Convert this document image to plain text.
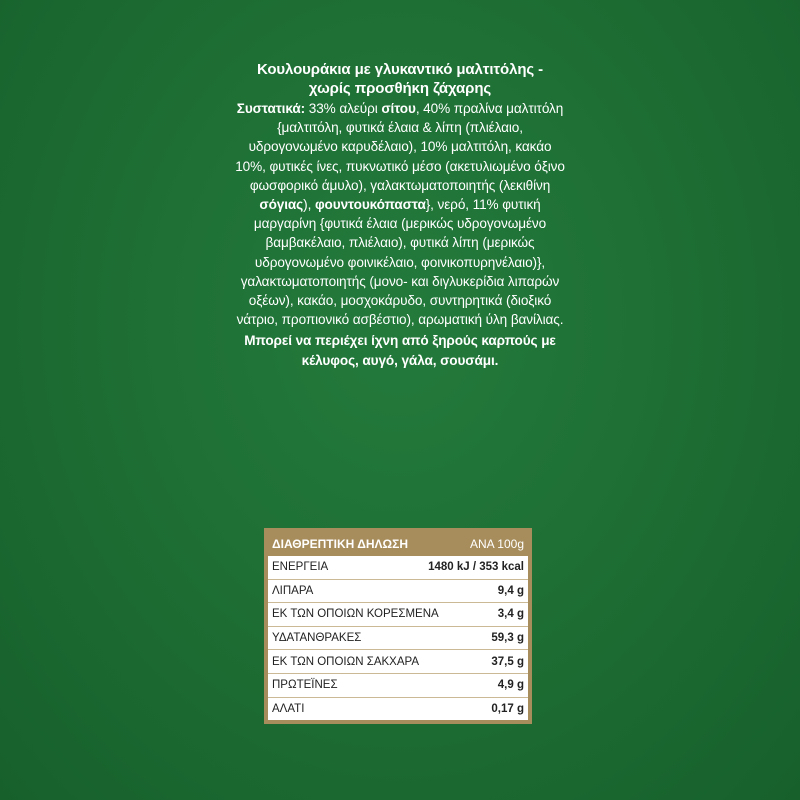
Κουλουράκια με γλυκαντικό μαλτιτόλης - χωρίς προσθήκη ζάχαρης

Συστατικά: 33% αλεύρι σίτου, 40% πραλίνα μαλτιτόλη {μαλτιτόλη, φυτικά έλαια & λίπη (πλιέλαιο, υδρογονωμένο καρυδέλαιο), 10% μαλτιτόλη, κακάο 10%, φυτικές ίνες, πυκνωτικό μέσο (ακετυλιωμένο όξινο φωσφορικό άμυλο), γαλακτωματοποιητής (λεκιθίνη σόγιας), φουντουκόπαστα}, νερό, 11% φυτική μαργαρίνη {φυτικά έλαια (μερικώς υδρογονωμένο βαμβακέλαιο, πλιέλαιο), φυτικά λίπη (μερικώς υδρογονωμένο φοινικέλαιο, φοινικοπυρηνέλαιο)}, γαλακτωματοποιητής (μονο- και διγλυκερίδια λιπαρών οξέων), κακάο, μοσχοκάρυδο, συντηρητικά (διοξικό νάτριο, προπιονικό ασβέστιο), αρωματική ύλη βανίλιας.

Μπορεί να περιέχει ίχνη από ξηρούς καρπούς με κέλυφος, αυγό, γάλα, σουσάμι.

ΔΙΑΘΡΕΠΤΙΚΗ ΔΗΛΩΣΗ	ΑΝΑ 100g
ΕΝΕΡΓΕΙΑ	1480 kJ / 353 kcal
ΛΙΠΑΡΑ	9,4 g
ΕΚ ΤΩΝ ΟΠΟΙΩΝ ΚΟΡΕΣΜΕΝΑ	3,4 g
ΥΔΑΤΑΝΘΡΑΚΕΣ	59,3 g
ΕΚ ΤΩΝ ΟΠΟΙΩΝ ΣΑΚΧΑΡΑ	37,5 g
ΠΡΩΤΕΪΝΕΣ	4,9 g
ΑΛΑΤΙ	0,17 g
